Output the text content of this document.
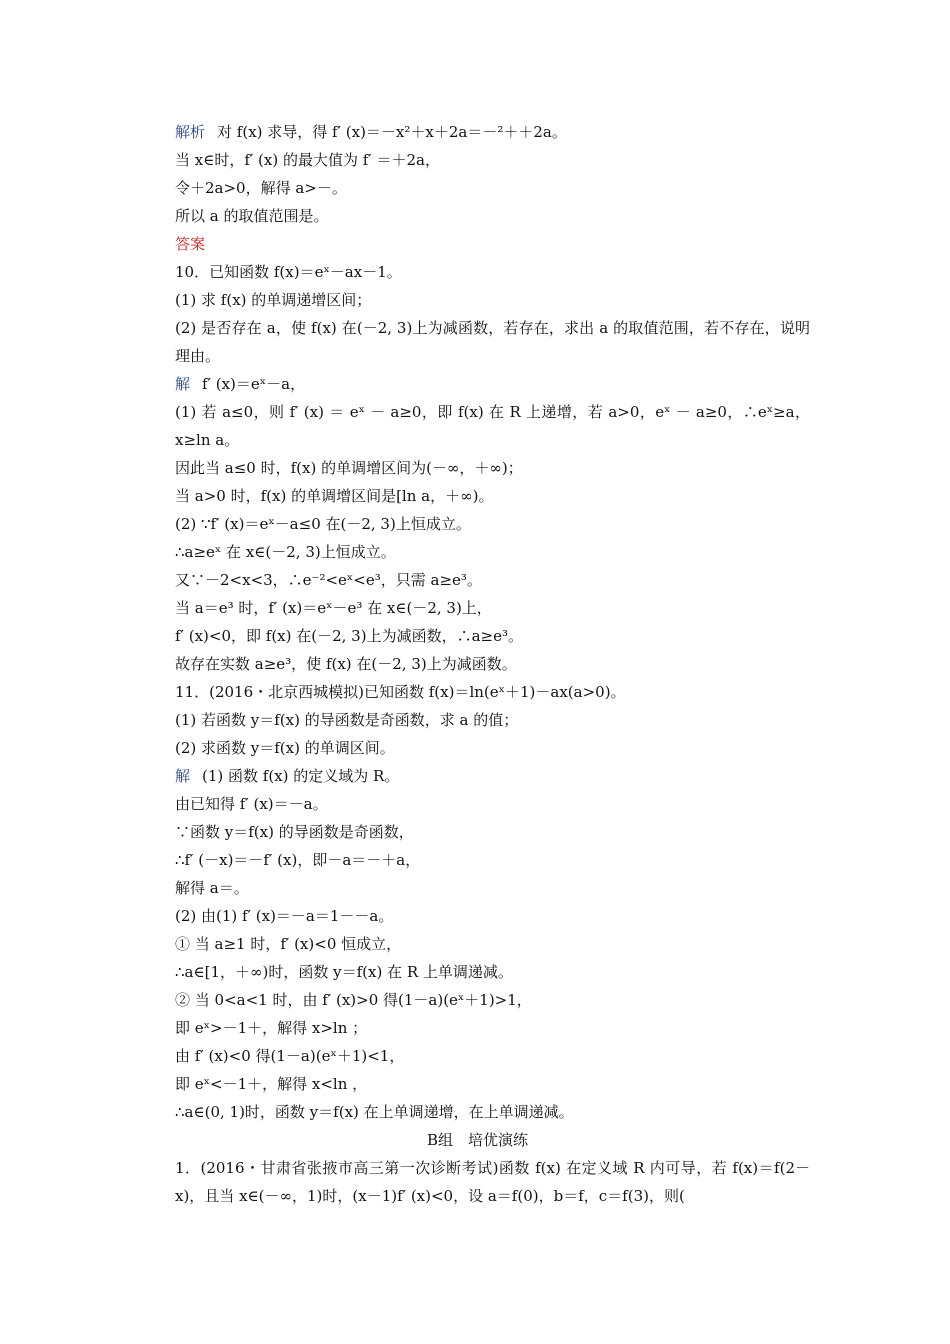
解析 对 f(x) 求导，得 f′ (x)＝－x²＋x＋2a＝－²＋＋2a。
当 x∈时，f′ (x) 的最大值为 f′ ＝＋2a，
令＋2a>0，解得 a>－。
所以 a 的取值范围是。
答案
10．已知函数 f(x)＝eˣ－ax－1。
(1) 求 f(x) 的单调递增区间；
(2) 是否存在 a，使 f(x) 在(－2, 3)上为减函数，若存在，求出 a 的取值范围，若不存在，说明理由。
解 f′ (x)＝eˣ－a，
(1) 若 a≤0，则 f′ (x) ＝ eˣ － a≥0，即 f(x) 在 R 上递增，若 a>0，eˣ － a≥0，∴eˣ≥a，x≥ln a。
因此当 a≤0 时，f(x) 的单调增区间为(－∞，＋∞)；
当 a>0 时，f(x) 的单调增区间是[ln a，＋∞)。
(2) ∵f′ (x)＝eˣ－a≤0 在(－2, 3)上恒成立。
∴a≥eˣ 在 x∈(－2, 3)上恒成立。
又∵－2<x<3，∴e⁻²<eˣ<e³，只需 a≥e³。
当 a＝e³ 时，f′ (x)＝eˣ－e³ 在 x∈(－2, 3)上，
f′ (x)<0，即 f(x) 在(－2, 3)上为减函数，∴a≥e³。
故存在实数 a≥e³，使 f(x) 在(－2, 3)上为减函数。
11．(2016・北京西城模拟)已知函数 f(x)＝ln(eˣ＋1)－ax(a>0)。
(1) 若函数 y＝f(x) 的导函数是奇函数，求 a 的值；
(2) 求函数 y＝f(x) 的单调区间。
解 (1) 函数 f(x) 的定义域为 R。
由已知得 f′ (x)＝－a。
∵函数 y＝f(x) 的导函数是奇函数，
∴f′ (－x)＝－f′ (x)，即－a＝－＋a，
解得 a＝。
(2) 由(1) f′ (x)＝－a＝1－－a。
① 当 a≥1 时，f′ (x)<0 恒成立，
∴a∈[1，＋∞)时，函数 y＝f(x) 在 R 上单调递减。
② 当 0<a<1 时，由 f′ (x)>0 得(1－a)(eˣ＋1)>1，
即 eˣ>－1＋，解得 x>ln ；
由 f′ (x)<0 得(1－a)(eˣ＋1)<1，
即 eˣ<－1＋，解得 x<ln ，
∴a∈(0, 1)时，函数 y＝f(x) 在上单调递增，在上单调递减。
B组　培优演练
1．(2016・甘肃省张掖市高三第一次诊断考试)函数 f(x) 在定义域 R 内可导，若 f(x)＝f(2－x)，且当 x∈(－∞，1)时，(x－1)f′ (x)<0，设 a＝f(0)，b＝f，c＝f(3)，则(
